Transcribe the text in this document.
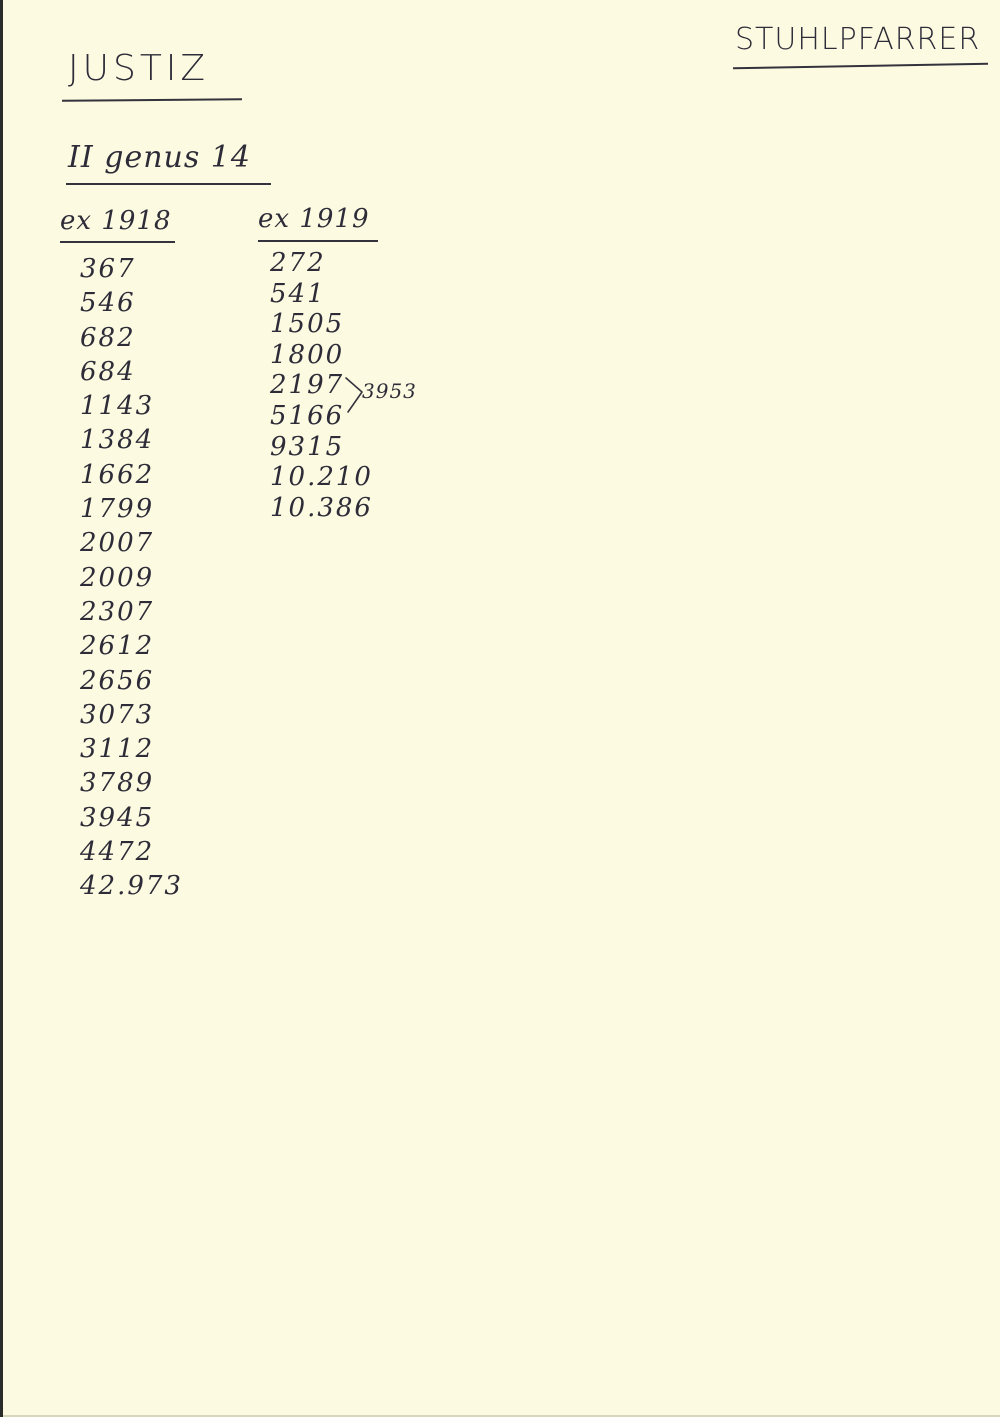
JUSTIZ
STUHLPFARRER
II genus 14
ex 1918	ex 1919
367
546
682
684
1143
1384
1662
1799
2007
2009
2307
2612
2656
3073
3112
3789
3945
4472
42.973
272
541
1505
1800
2197
5166
9315
10.210
10.386
3953
